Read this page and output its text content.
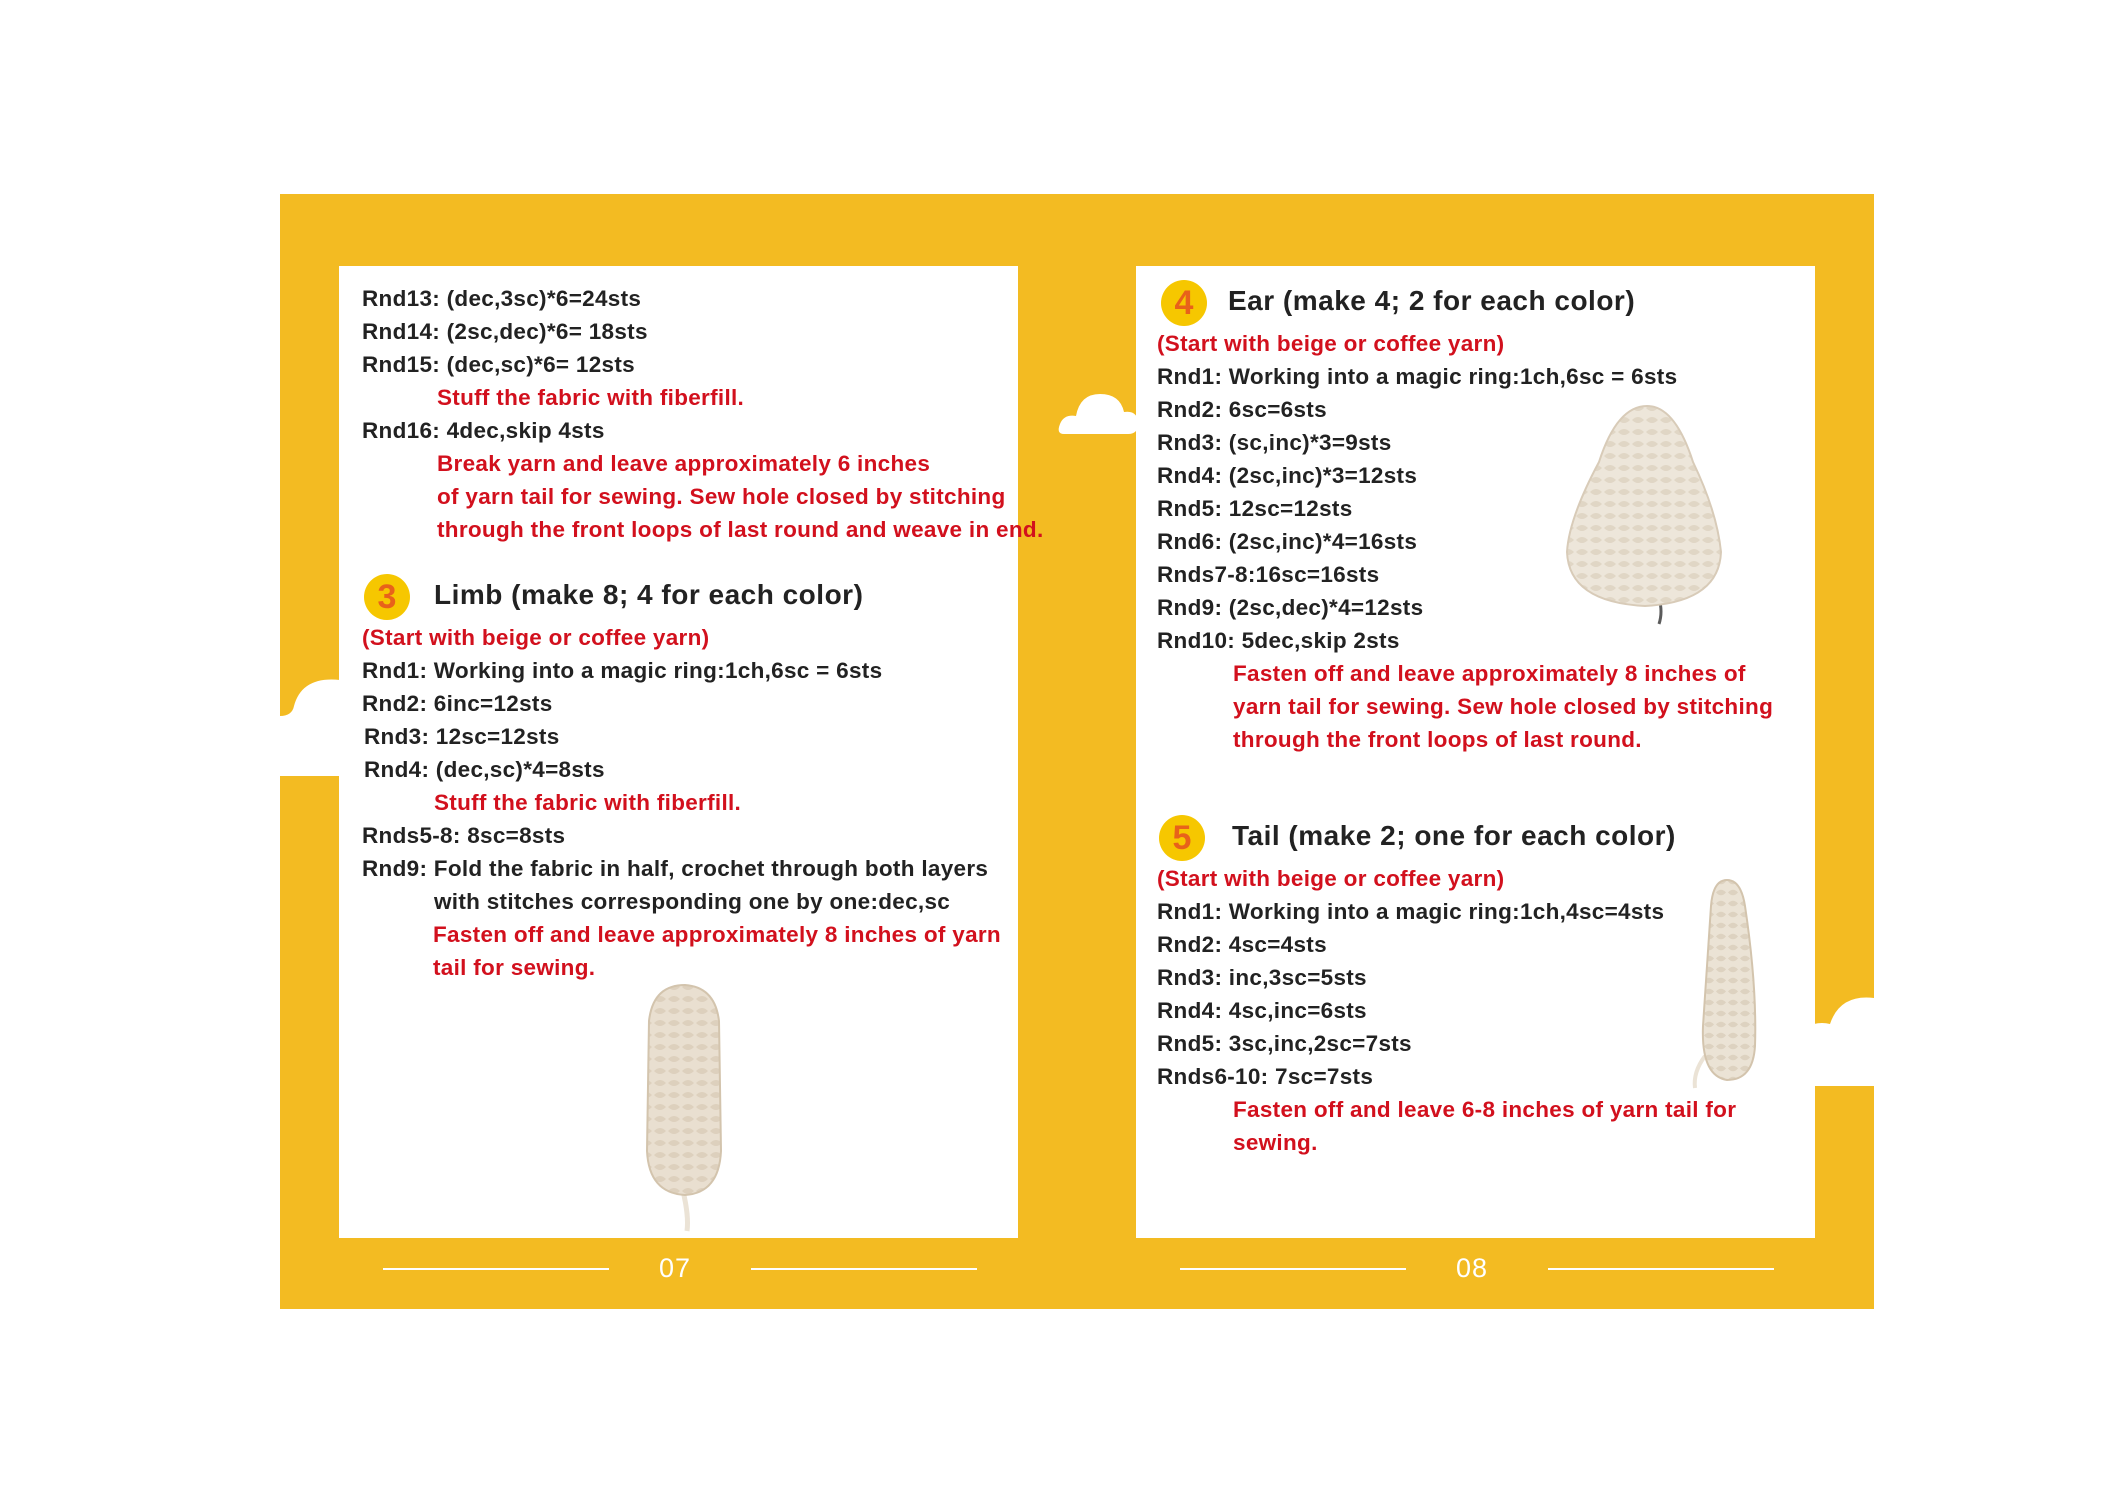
Rnd13: (dec,3sc)*6=24sts
Rnd14: (2sc,dec)*6= 18sts
Rnd15: (dec,sc)*6= 12sts
Stuff the fabric with fiberfill.
Rnd16: 4dec,skip 4sts
Break yarn and leave approximately 6 inches
of yarn tail for sewing. Sew hole closed by stitching
through the front loops of last round and weave in end.
3	Limb (make 8; 4 for each color)
(Start with beige or coffee yarn)
Rnd1: Working into a magic ring:1ch,6sc = 6sts
Rnd2: 6inc=12sts
Rnd3: 12sc=12sts
Rnd4: (dec,sc)*4=8sts
Stuff the fabric with fiberfill.
Rnds5-8: 8sc=8sts
Rnd9: Fold the fabric in half, crochet through both layers
with stitches corresponding one by one:dec,sc
Fasten off and leave approximately 8 inches of yarn
tail for sewing.
07
4	Ear (make 4; 2 for each color)
(Start with beige or coffee yarn)
Rnd1: Working into a magic ring:1ch,6sc = 6sts
Rnd2: 6sc=6sts
Rnd3: (sc,inc)*3=9sts
Rnd4: (2sc,inc)*3=12sts
Rnd5: 12sc=12sts
Rnd6: (2sc,inc)*4=16sts
Rnds7-8:16sc=16sts
Rnd9: (2sc,dec)*4=12sts
Rnd10: 5dec,skip 2sts
Fasten off and leave approximately 8 inches of
yarn tail for sewing. Sew hole closed by stitching
through the front loops of last round.
5	Tail (make 2; one for each color)
(Start with beige or coffee yarn)
Rnd1: Working into a magic ring:1ch,4sc=4sts
Rnd2: 4sc=4sts
Rnd3: inc,3sc=5sts
Rnd4: 4sc,inc=6sts
Rnd5: 3sc,inc,2sc=7sts
Rnds6-10: 7sc=7sts
Fasten off and leave 6-8 inches of yarn tail for
sewing.
08
